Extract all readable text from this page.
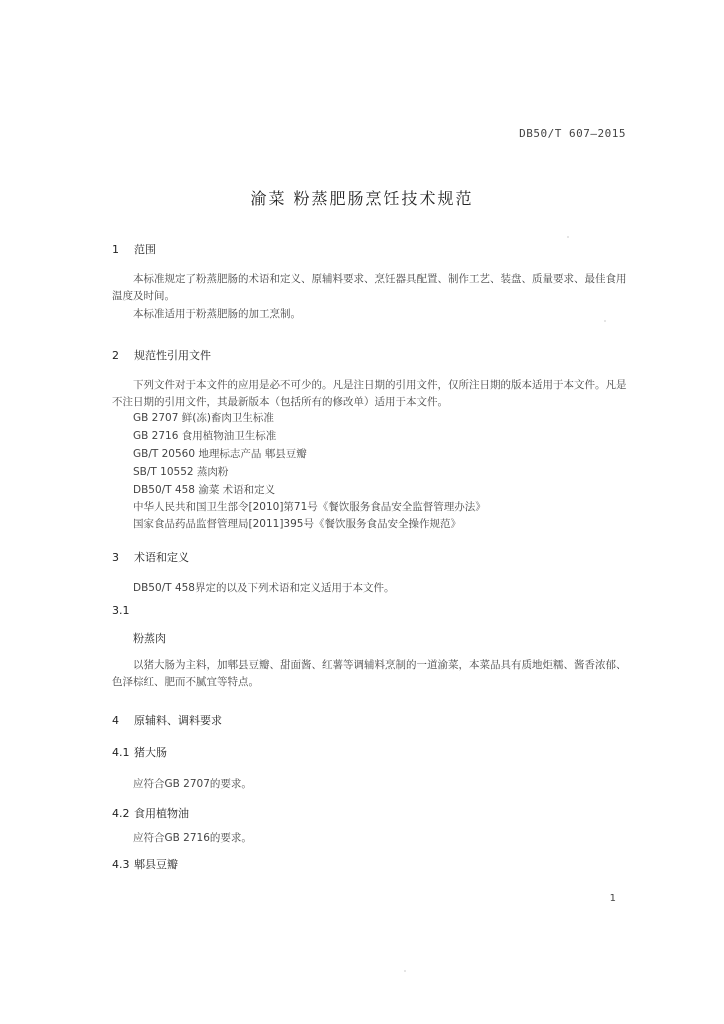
DB50/T 607—2015
渝菜 粉蒸肥肠烹饪技术规范
1 范围
本标准规定了粉蒸肥肠的术语和定义、原辅料要求、烹饪器具配置、制作工艺、装盘、质量要求、最佳食用温度及时间。
本标准适用于粉蒸肥肠的加工烹制。
2 规范性引用文件
下列文件对于本文件的应用是必不可少的。凡是注日期的引用文件，仅所注日期的版本适用于本文件。凡是不注日期的引用文件，其最新版本（包括所有的修改单）适用于本文件。
GB 2707 鲜(冻)畜肉卫生标准
GB 2716 食用植物油卫生标准
GB/T 20560 地理标志产品 郫县豆瓣
SB/T 10552 蒸肉粉
DB50/T 458 渝菜 术语和定义
中华人民共和国卫生部令[2010]第71号《餐饮服务食品安全监督管理办法》
国家食品药品监督管理局[2011]395号《餐饮服务食品安全操作规范》
3 术语和定义
DB50/T 458界定的以及下列术语和定义适用于本文件。
3.1
粉蒸肉
以猪大肠为主料，加郫县豆瓣、甜面酱、红薯等调辅料烹制的一道渝菜，本菜品具有质地炬糯、酱香浓郁、色泽棕红、肥而不腻宜等特点。
4 原辅料、调料要求
4.1 猪大肠
应符合GB 2707的要求。
4.2 食用植物油
应符合GB 2716的要求。
4.3 郫县豆瓣
1
